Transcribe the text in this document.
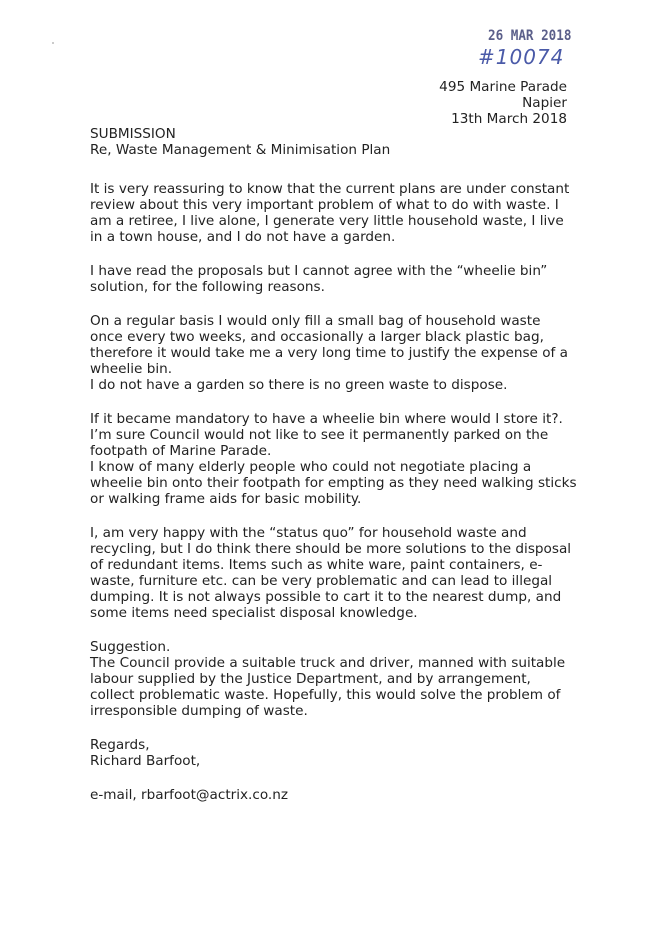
26 MAR 2018
#10074
495 Marine Parade
Napier
13th March 2018

SUBMISSION

Re, Waste Management & Minimisation Plan

It is very reassuring to know that the current plans are under constant

review about this very important problem of what to do with waste. I

am a retiree, I live alone, I generate very little household waste, I live

in a town house, and I do not have a garden.

I have read the proposals but I cannot agree with the “wheelie bin”

solution, for the following reasons.

On a regular basis I would only fill a small bag of household waste

once every two weeks, and occasionally a larger black plastic bag,

therefore it would take me a very long time to justify the expense of a

wheelie bin.

I do not have a garden so there is no green waste to dispose.

If it became mandatory to have a wheelie bin where would I store it?.

I’m sure Council would not like to see it permanently parked on the

footpath of Marine Parade.

I know of many elderly people who could not negotiate placing a

wheelie bin onto their footpath for empting as they need walking sticks

or walking frame aids for basic mobility.

I, am very happy with the “status quo” for household waste and

recycling, but I do think there should be more solutions to the disposal

of redundant items. Items such as white ware, paint containers, e-

waste, furniture etc. can be very problematic and can lead to illegal

dumping. It is not always possible to cart it to the nearest dump, and

some items need specialist disposal knowledge.

Suggestion.

The Council provide a suitable truck and driver, manned with suitable

labour supplied by the Justice Department, and by arrangement,

collect problematic waste. Hopefully, this would solve the problem of

irresponsible dumping of waste.

Regards,

Richard Barfoot,

e-mail, rbarfoot@actrix.co.nz
